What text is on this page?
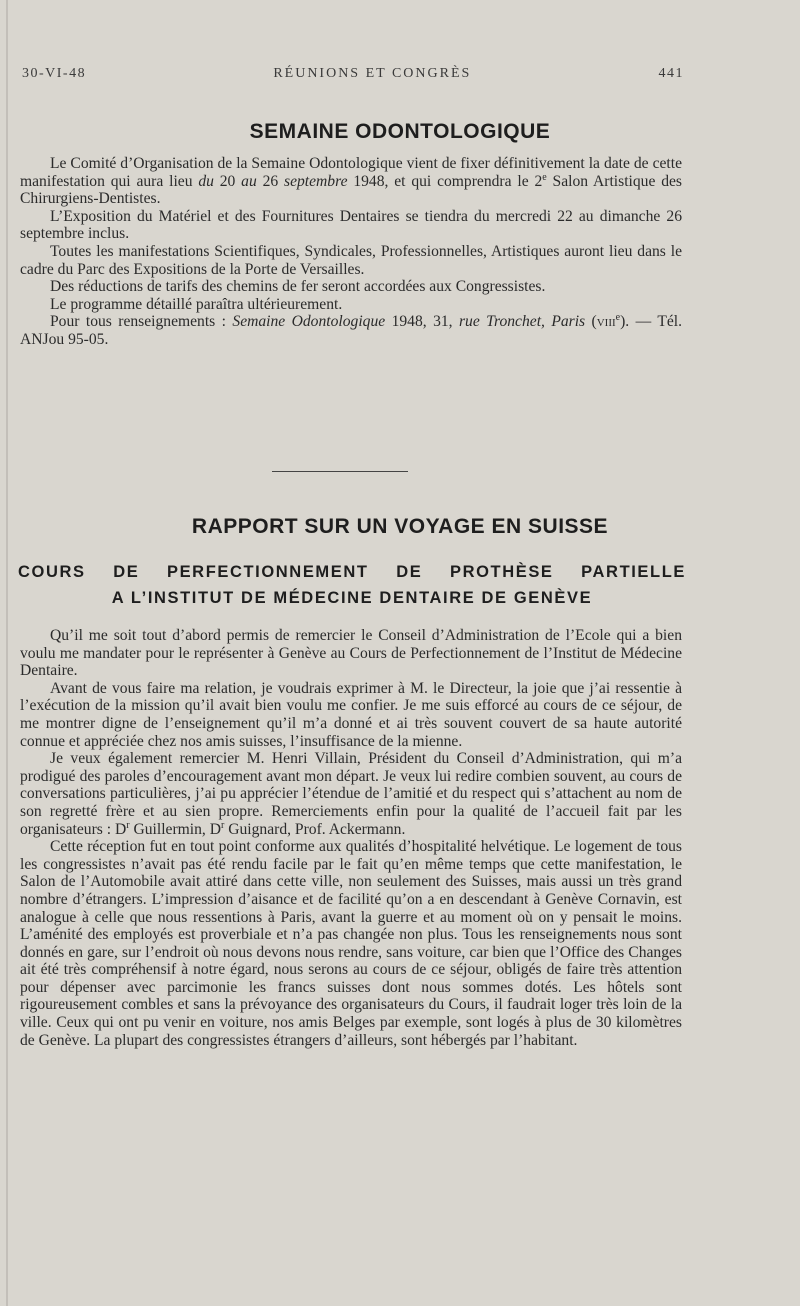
30-VI-48	RÉUNIONS ET CONGRÈS	441
SEMAINE ODONTOLOGIQUE

Le Comité d’Organisation de la Semaine Odontologique vient de fixer définitivement la date de cette manifestation qui aura lieu du 20 au 26 septembre 1948, et qui comprendra le 2e Salon Artistique des Chirurgiens-Dentistes.

L’Exposition du Matériel et des Fournitures Dentaires se tiendra du mercredi 22 au dimanche 26 septembre inclus.

Toutes les manifestations Scientifiques, Syndicales, Professionnelles, Artistiques auront lieu dans le cadre du Parc des Expositions de la Porte de Versailles.

Des réductions de tarifs des chemins de fer seront accordées aux Congressistes.

Le programme détaillé paraîtra ultérieurement.

Pour tous renseignements : Semaine Odontologique 1948, 31, rue Tronchet, Paris (viii$^e$). — Tél. ANJou 95-05.

RAPPORT SUR UN VOYAGE EN SUISSE
COURS DE PERFECTIONNEMENT DE PROTHÈSE PARTIELLE
A L’INSTITUT DE MÉDECINE DENTAIRE DE GENÈVE

Qu’il me soit tout d’abord permis de remercier le Conseil d’Administration de l’Ecole qui a bien voulu me mandater pour le représenter à Genève au Cours de Perfectionnement de l’Institut de Médecine Dentaire.

Avant de vous faire ma relation, je voudrais exprimer à M. le Directeur, la joie que j’ai ressentie à l’exécution de la mission qu’il avait bien voulu me confier. Je me suis efforcé au cours de ce séjour, de me montrer digne de l’enseignement qu’il m’a donné et ai très souvent couvert de sa haute autorité connue et appréciée chez nos amis suisses, l’insuffisance de la mienne.

Je veux également remercier M. Henri Villain, Président du Conseil d’Administration, qui m’a prodigué des paroles d’encouragement avant mon départ. Je veux lui redire combien souvent, au cours de conversations particulières, j’ai pu apprécier l’étendue de l’amitié et du respect qui s’attachent au nom de son regretté frère et au sien propre. Remerciements enfin pour la qualité de l’accueil fait par les organisateurs : $D^r$ Guillermin, $D^r$ Guignard, Prof. Ackermann.

Cette réception fut en tout point conforme aux qualités d’hospitalité helvétique. Le logement de tous les congressistes n’avait pas été rendu facile par le fait qu’en même temps que cette manifestation, le Salon de l’Automobile avait attiré dans cette ville, non seulement des Suisses, mais aussi un très grand nombre d’étrangers. L’impression d’aisance et de facilité qu’on a en descendant à Genève Cornavin, est analogue à celle que nous ressentions à Paris, avant la guerre et au moment où on y pensait le moins. L’aménité des employés est proverbiale et n’a pas changée non plus. Tous les renseignements nous sont donnés en gare, sur l’endroit où nous devons nous rendre, sans voiture, car bien que l’Office des Changes ait été très compréhensif à notre égard, nous serons au cours de ce séjour, obligés de faire très attention pour dépenser avec parcimonie les francs suisses dont nous sommes dotés. Les hôtels sont rigoureusement combles et sans la prévoyance des organisateurs du Cours, il faudrait loger très loin de la ville. Ceux qui ont pu venir en voiture, nos amis Belges par exemple, sont logés à plus de 30 kilomètres de Genève. La plupart des congressistes étrangers d’ailleurs, sont hébergés par l’habitant.
